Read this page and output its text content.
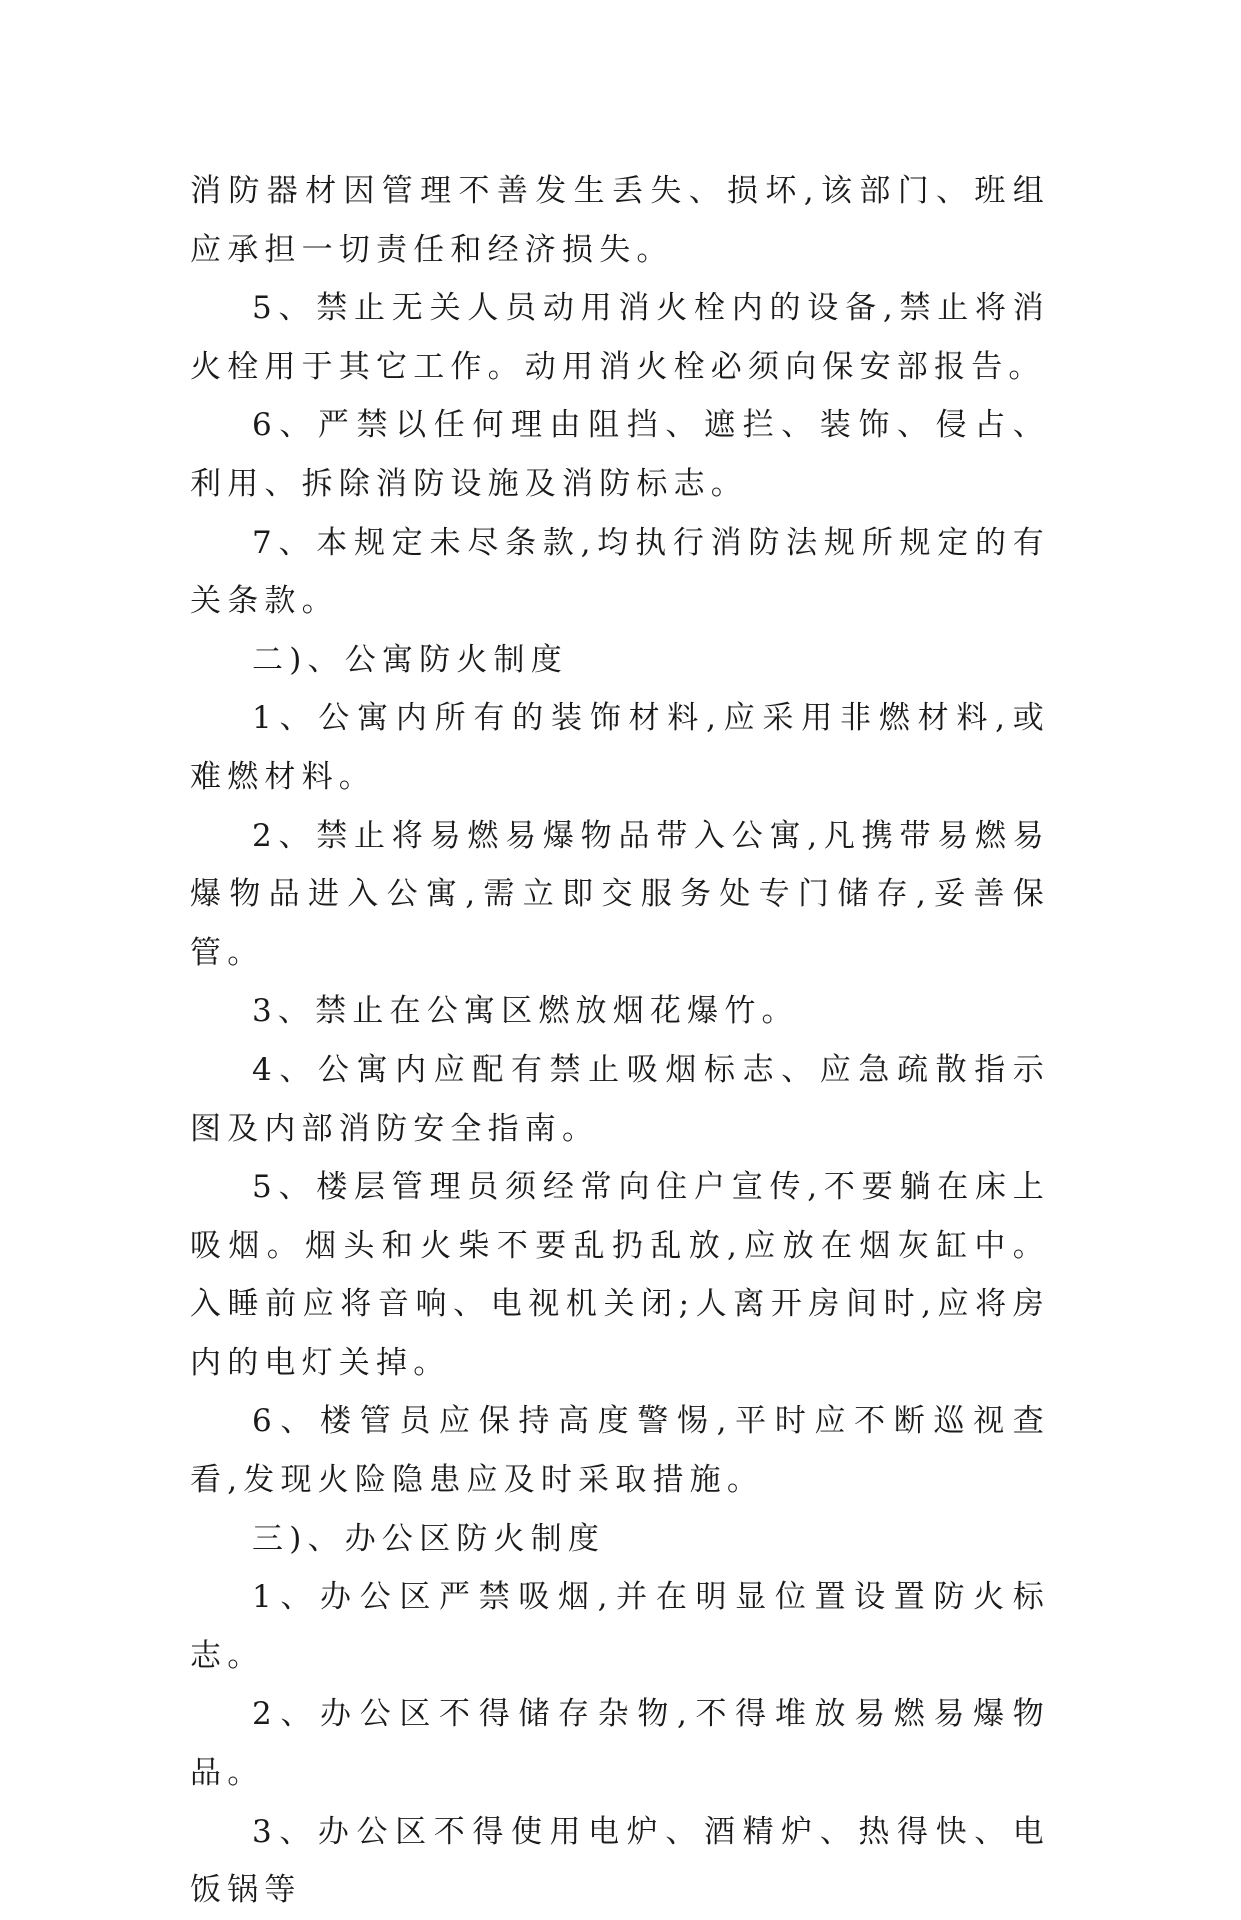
消防器材因管理不善发生丢失、损坏,该部门、班组应承担一切责任和经济损失。

5、禁止无关人员动用消火栓内的设备,禁止将消火栓用于其它工作。动用消火栓必须向保安部报告。

6、严禁以任何理由阻挡、遮拦、装饰、侵占、利用、拆除消防设施及消防标志。

7、本规定未尽条款,均执行消防法规所规定的有关条款。

二)、公寓防火制度

1、公寓内所有的装饰材料,应采用非燃材料,或难燃材料。

2、禁止将易燃易爆物品带入公寓,凡携带易燃易爆物品进入公寓,需立即交服务处专门储存,妥善保管。

3、禁止在公寓区燃放烟花爆竹。

4、公寓内应配有禁止吸烟标志、应急疏散指示图及内部消防安全指南。

5、楼层管理员须经常向住户宣传,不要躺在床上吸烟。烟头和火柴不要乱扔乱放,应放在烟灰缸中。入睡前应将音响、电视机关闭;人离开房间时,应将房内的电灯关掉。

6、楼管员应保持高度警惕,平时应不断巡视查看,发现火险隐患应及时采取措施。

三)、办公区防火制度

1、办公区严禁吸烟,并在明显位置设置防火标志。

2、办公区不得储存杂物,不得堆放易燃易爆物品。

3、办公区不得使用电炉、酒精炉、热得快、电饭锅等
